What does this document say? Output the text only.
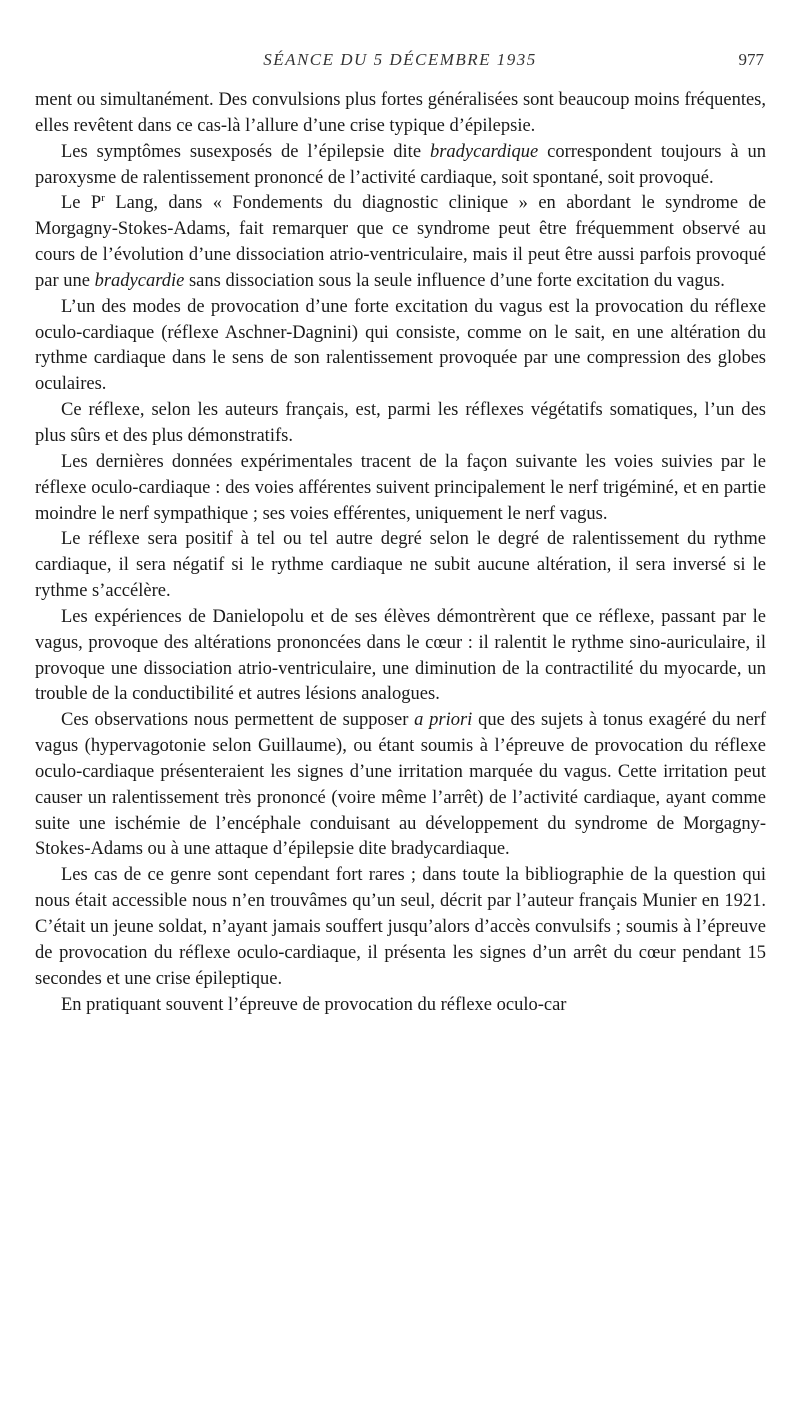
SÉANCE DU 5 DÉCEMBRE 1935	977

ment ou simultanément. Des convulsions plus fortes généralisées sont beaucoup moins fréquentes, elles revêtent dans ce cas-là l’allure d’une crise typique d’épilepsie.

Les symptômes susexposés de l’épilepsie dite bradycardique correspondent toujours à un paroxysme de ralentissement prononcé de l’activité cardiaque, soit spontané, soit provoqué.

Le $P^r$ Lang, dans « Fondements du diagnostic clinique » en abordant le syndrome de Morgagny-Stokes-Adams, fait remarquer que ce syndrome peut être fréquemment observé au cours de l’évolution d’une dissociation atrio-ventriculaire, mais il peut être aussi parfois provoqué par une bradycardie sans dissociation sous la seule influence d’une forte excitation du vagus.

L’un des modes de provocation d’une forte excitation du vagus est la provocation du réflexe oculo-cardiaque (réflexe Aschner-Dagnini) qui consiste, comme on le sait, en une altération du rythme cardiaque dans le sens de son ralentissement provoquée par une compression des globes oculaires.

Ce réflexe, selon les auteurs français, est, parmi les réflexes végétatifs somatiques, l’un des plus sûrs et des plus démonstratifs.

Les dernières données expérimentales tracent de la façon suivante les voies suivies par le réflexe oculo-cardiaque : des voies afférentes suivent principalement le nerf trigéminé, et en partie moindre le nerf sympathique ; ses voies efférentes, uniquement le nerf vagus.

Le réflexe sera positif à tel ou tel autre degré selon le degré de ralentissement du rythme cardiaque, il sera négatif si le rythme cardiaque ne subit aucune altération, il sera inversé si le rythme s’accélère.

Les expériences de Danielopolu et de ses élèves démontrèrent que ce réflexe, passant par le vagus, provoque des altérations prononcées dans le cœur : il ralentit le rythme sino-auriculaire, il provoque une dissociation atrio-ventriculaire, une diminution de la contractilité du myocarde, un trouble de la conductibilité et autres lésions analogues.

Ces observations nous permettent de supposer a priori que des sujets à tonus exagéré du nerf vagus (hypervagotonie selon Guillaume), ou étant soumis à l’épreuve de provocation du réflexe oculo-cardiaque présenteraient les signes d’une irritation marquée du vagus. Cette irritation peut causer un ralentissement très prononcé (voire même l’arrêt) de l’activité cardiaque, ayant comme suite une ischémie de l’encéphale conduisant au développement du syndrome de Morgagny-Stokes-Adams ou à une attaque d’épilepsie dite bradycardiaque.

Les cas de ce genre sont cependant fort rares ; dans toute la bibliographie de la question qui nous était accessible nous n’en trouvâmes qu’un seul, décrit par l’auteur français Munier en 1921. C’était un jeune soldat, n’ayant jamais souffert jusqu’alors d’accès convulsifs ; soumis à l’épreuve de provocation du réflexe oculo-cardiaque, il présenta les signes d’un arrêt du cœur pendant 15 secondes et une crise épileptique.

En pratiquant souvent l’épreuve de provocation du réflexe oculo-car
